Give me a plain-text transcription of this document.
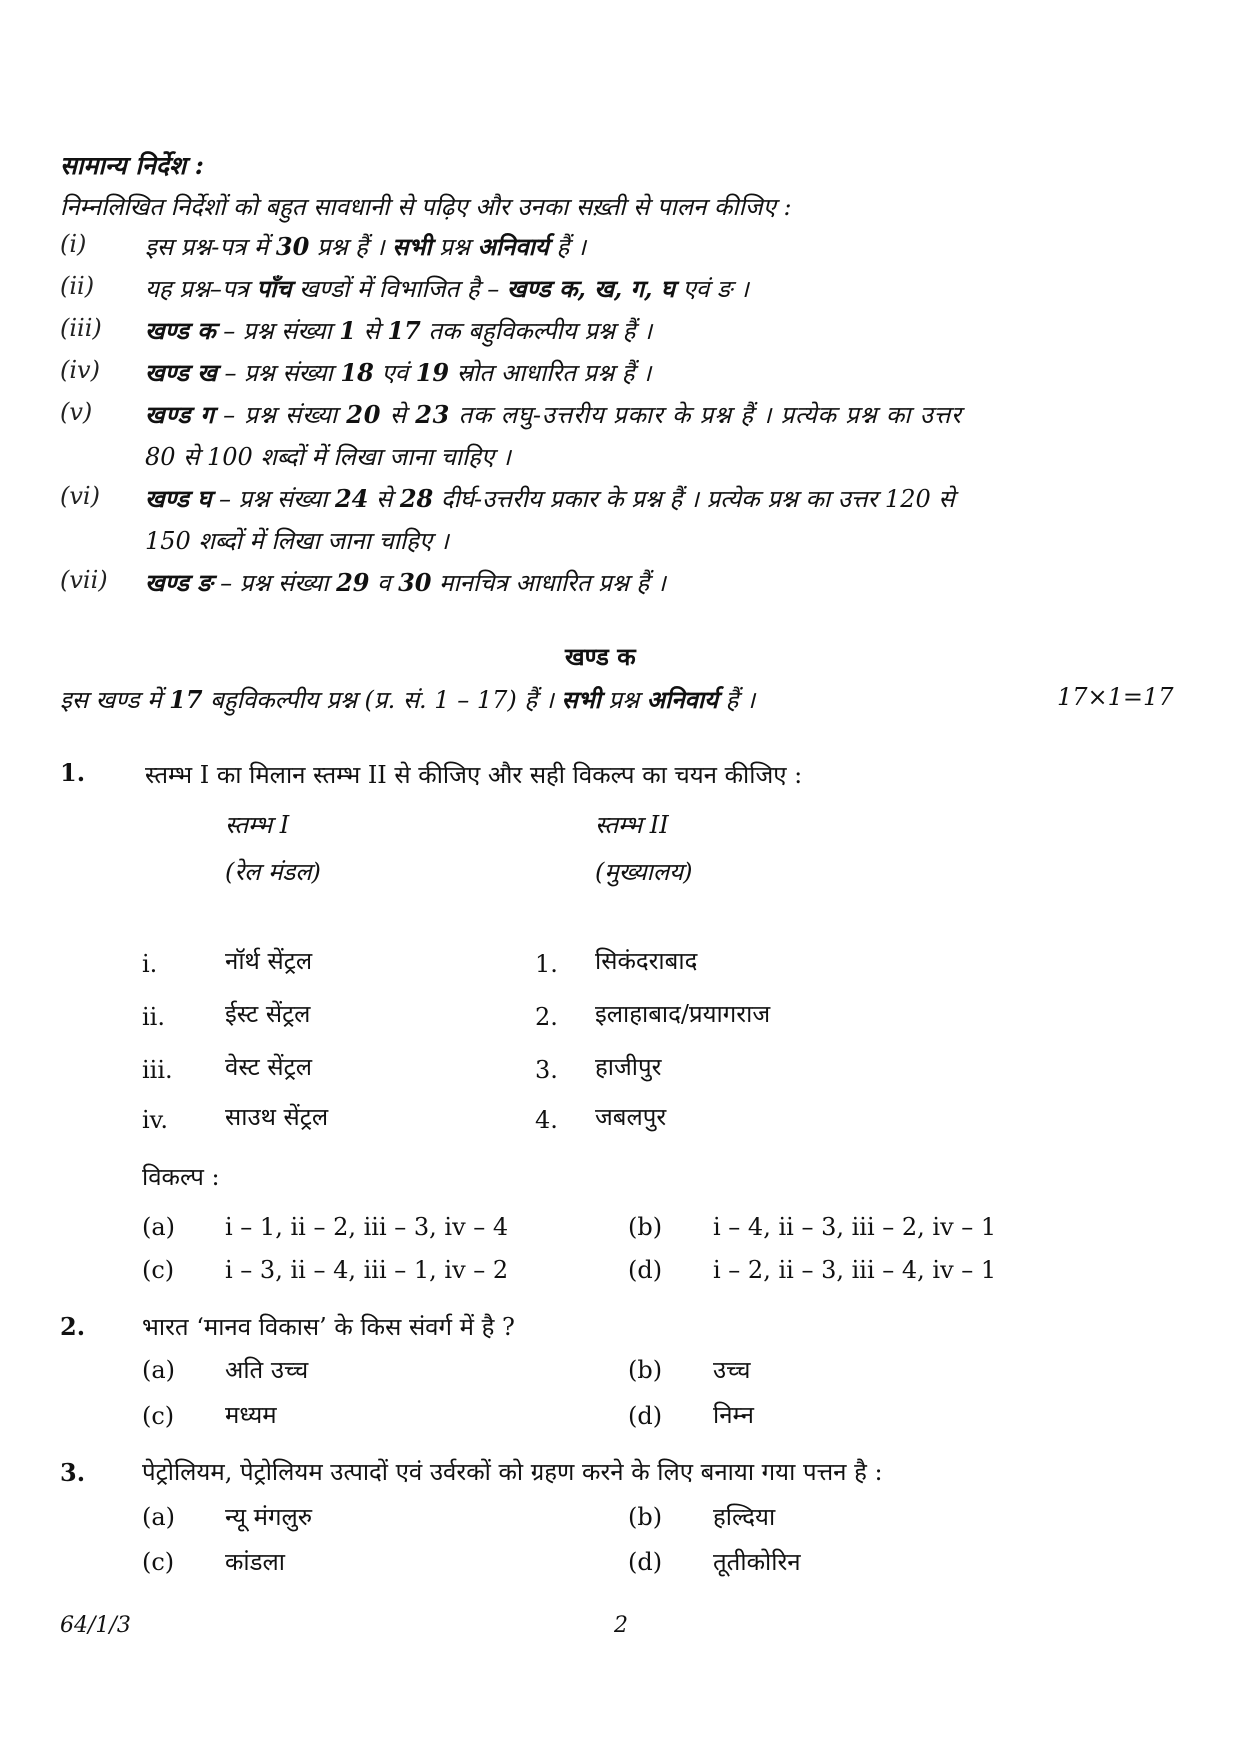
सामान्य निर्देश :
निम्नलिखित निर्देशों को बहुत सावधानी से पढ़िए और उनका सख़्ती से पालन कीजिए :
(i) इस प्रश्न-पत्र में 30 प्रश्न हैं । सभी प्रश्न अनिवार्य हैं ।
(ii) यह प्रश्न–पत्र पाँच खण्डों में विभाजित है – खण्ड क, ख, ग, घ एवं ङ ।
(iii) खण्ड क – प्रश्न संख्या 1 से 17 तक बहुविकल्पीय प्रश्न हैं ।
(iv) खण्ड ख – प्रश्न संख्या 18 एवं 19 स्रोत आधारित प्रश्न हैं ।
(v) खण्ड ग – प्रश्न संख्या 20 से 23 तक लघु-उत्तरीय प्रकार के प्रश्न हैं । प्रत्येक प्रश्न का उत्तर
80 से 100 शब्दों में लिखा जाना चाहिए ।
(vi) खण्ड घ – प्रश्न संख्या 24 से 28 दीर्घ-उत्तरीय प्रकार के प्रश्न हैं । प्रत्येक प्रश्न का उत्तर 120 से
150 शब्दों में लिखा जाना चाहिए ।
(vii) खण्ड ङ – प्रश्न संख्या 29 व 30 मानचित्र आधारित प्रश्न हैं ।
खण्ड क
इस खण्ड में 17 बहुविकल्पीय प्रश्न (प्र. सं. 1 – 17) हैं । सभी प्रश्न अनिवार्य हैं ।	17×1=17
1. स्तम्भ I का मिलान स्तम्भ II से कीजिए और सही विकल्प का चयन कीजिए :
स्तम्भ I	स्तम्भ II
(रेल मंडल)	(मुख्यालय)
i.	नॉर्थ सेंट्रल	1. सिकंदराबाद
ii.	ईस्ट सेंट्रल	2. इलाहाबाद/प्रयागराज
iii. वेस्ट सेंट्रल	3. हाजीपुर
iv. साउथ सेंट्रल	4. जबलपुर
विकल्प :
(a) i – 1, ii – 2, iii – 3, iv – 4	(b) i – 4, ii – 3, iii – 2, iv – 1
(c) i – 3, ii – 4, iii – 1, iv – 2	(d) i – 2, ii – 3, iii – 4, iv – 1
2. भारत ‘मानव विकास’ के किस संवर्ग में है ?
(a) अति उच्च	(b) उच्च
(c) मध्यम	(d) निम्न
3. पेट्रोलियम, पेट्रोलियम उत्पादों एवं उर्वरकों को ग्रहण करने के लिए बनाया गया पत्तन है :
(a) न्यू मंगलुरु	(b) हल्दिया
(c) कांडला	(d) तूतीकोरिन
64/1/3	2
